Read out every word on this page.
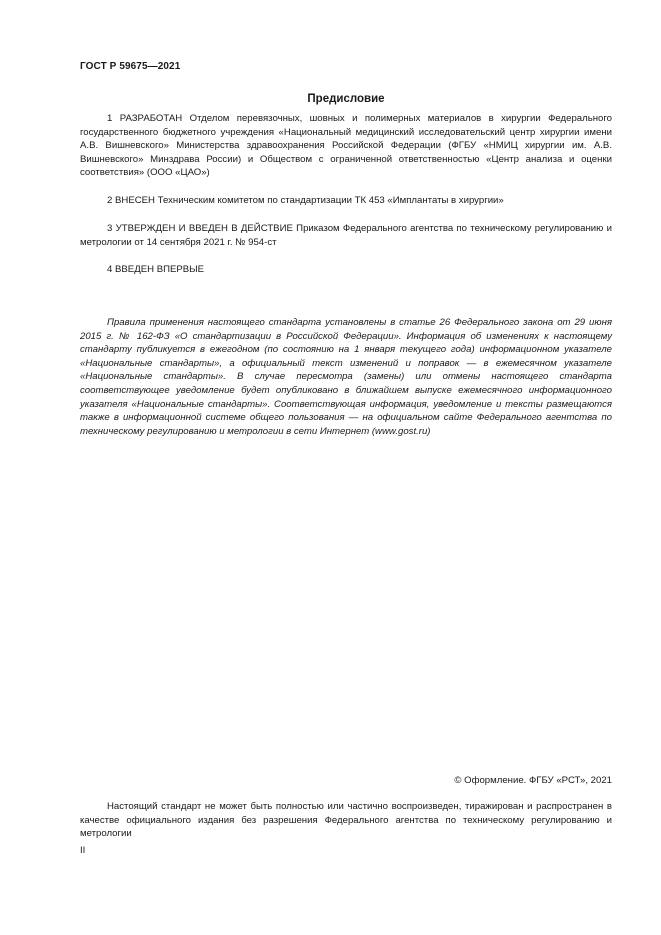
ГОСТ Р 59675—2021
Предисловие

1 РАЗРАБОТАН Отделом перевязочных, шовных и полимерных материалов в хирургии Федерального государственного бюджетного учреждения «Национальный медицинский исследовательский центр хирургии имени А.В. Вишневского» Министерства здравоохранения Российской Федерации (ФГБУ «НМИЦ хирургии им. А.В. Вишневского» Минздрава России) и Обществом с ограниченной ответственностью «Центр анализа и оценки соответствия» (ООО «ЦАО»)

2 ВНЕСЕН Техническим комитетом по стандартизации ТК 453 «Имплантаты в хирургии»

3 УТВЕРЖДЕН И ВВЕДЕН В ДЕЙСТВИЕ Приказом Федерального агентства по техническому регулированию и метрологии от 14 сентября 2021 г. № 954-ст

4 ВВЕДЕН ВПЕРВЫЕ

Правила применения настоящего стандарта установлены в статье 26 Федерального закона от 29 июня 2015 г. № 162-ФЗ «О стандартизации в Российской Федерации». Информация об изменениях к настоящему стандарту публикуется в ежегодном (по состоянию на 1 января текущего года) информационном указателе «Национальные стандарты», а официальный текст изменений и поправок — в ежемесячном указателе «Национальные стандарты». В случае пересмотра (замены) или отмены настоящего стандарта соответствующее уведомление будет опубликовано в ближайшем выпуске ежемесячного информационного указателя «Национальные стандарты». Соответствующая информация, уведомление и тексты размещаются также в информационной системе общего пользования — на официальном сайте Федерального агентства по техническому регулированию и метрологии в сети Интернет (www.gost.ru)

© Оформление. ФГБУ «РСТ», 2021

Настоящий стандарт не может быть полностью или частично воспроизведен, тиражирован и распространен в качестве официального издания без разрешения Федерального агентства по техническому регулированию и метрологии

II
